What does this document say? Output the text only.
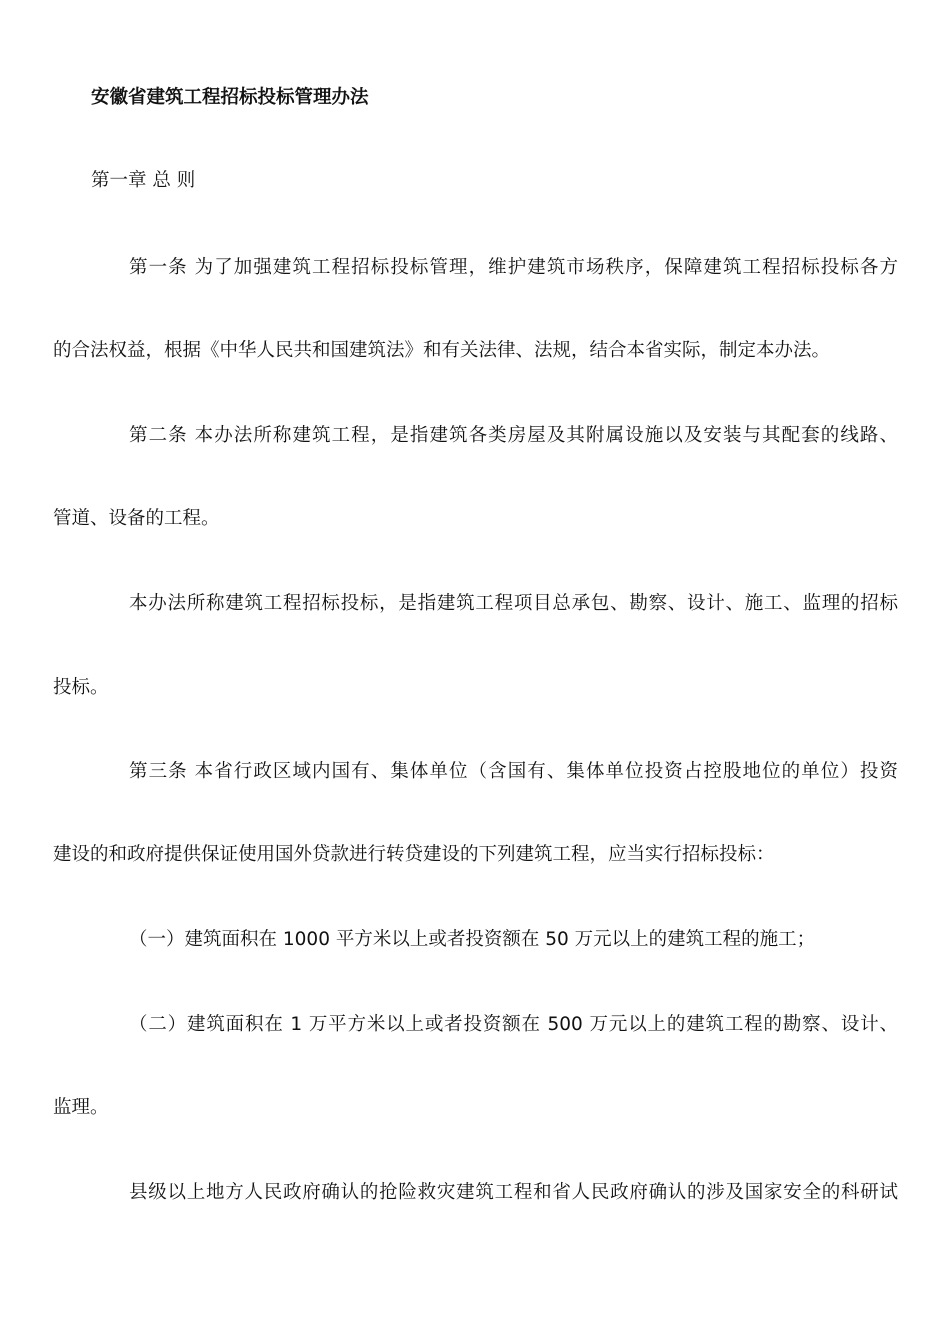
安徽省建筑工程招标投标管理办法
第一章 总 则
第一条 为了加强建筑工程招标投标管理，维护建筑市场秩序，保障建筑工程招标投标各方
的合法权益，根据《中华人民共和国建筑法》和有关法律、法规，结合本省实际，制定本办法。
第二条 本办法所称建筑工程，是指建筑各类房屋及其附属设施以及安装与其配套的线路、
管道、设备的工程。
本办法所称建筑工程招标投标，是指建筑工程项目总承包、勘察、设计、施工、监理的招标
投标。
第三条 本省行政区域内国有、集体单位（含国有、集体单位投资占控股地位的单位）投资
建设的和政府提供保证使用国外贷款进行转贷建设的下列建筑工程，应当实行招标投标：
（一）建筑面积在 1000 平方米以上或者投资额在 50 万元以上的建筑工程的施工；
（二）建筑面积在 1 万平方米以上或者投资额在 500 万元以上的建筑工程的勘察、设计、
监理。
县级以上地方人民政府确认的抢险救灾建筑工程和省人民政府确认的涉及国家安全的科研试
